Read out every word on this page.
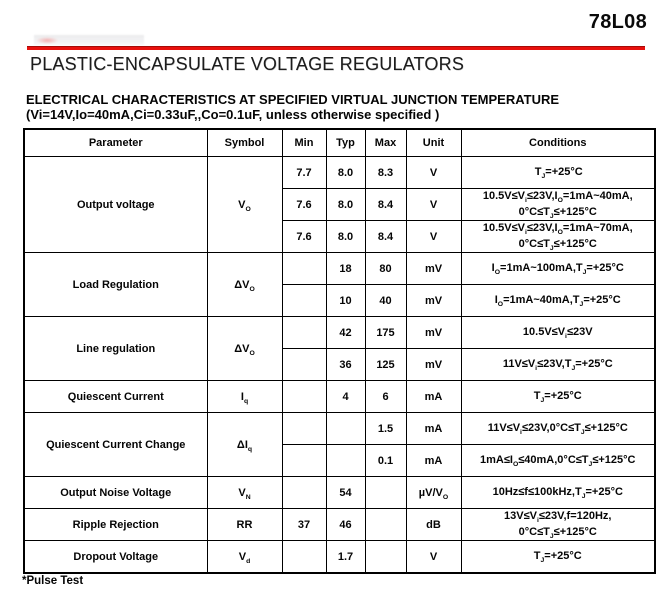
78L08
PLASTIC-ENCAPSULATE VOLTAGE REGULATORS
ELECTRICAL CHARACTERISTICS AT SPECIFIED VIRTUAL JUNCTION TEMPERATURE
(Vi=14V,Io=40mA,Ci=0.33uF,,Co=0.1uF, unless otherwise specified )
Parameter	Symbol	Min	Typ	Max	Unit	Conditions
Output voltage	$V_O$	7.7	8.0	8.3	V	$T_J=+25^\circ C$
		7.6	8.0	8.4	V	$10.5V\le V_i\le 23V,I_O=1mA\sim 40mA$,
$0^\circ C\le T_J\le+125^\circ C$
		7.6	8.0	8.4	V	$10.5V\le V_i\le 23V,I_O=1mA\sim 70mA$,
$0^\circ C\le T_J\le+125^\circ C$
Load Regulation	$\Delta V_O$		18	80	mV	$I_O=1mA\sim 100mA,T_J=+25^\circ C$
			10	40	mV	$I_O=1mA\sim 40mA,T_J=+25^\circ C$
Line regulation	$\Delta V_O$		42	175	mV	$10.5V\le V_i\le 23V$
			36	125	mV	$11V\le V_i\le 23V,T_J=+25^\circ C$
Quiescent Current	$I_q$		4	6	mA	$T_J=+25^\circ C$
Quiescent Current Change	$\Delta I_q$			1.5	mA	$11V\le V_i\le 23V,0^\circ C\le T_J\le+125^\circ C$
				0.1	mA	$1mA\le I_O\le 40mA,0^\circ C\le T_J\le+125^\circ C$
Output Noise Voltage	$V_N$		54		$\mu V/V_O$	$10Hz\le f\le 100kHz,T_J=+25^\circ C$
Ripple Rejection	RR	37	46		dB	$13V\le V_i\le 23V,f=120Hz$,
$0^\circ C\le T_J\le+125^\circ C$
Dropout Voltage	$V_d$		1.7		V	$T_J=+25^\circ C$
*Pulse Test
